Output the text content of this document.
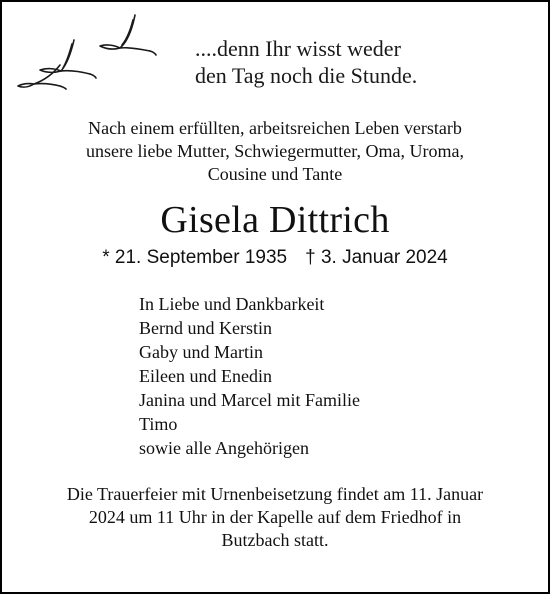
....denn Ihr wisst weder
den Tag noch die Stunde.
Nach einem erfüllten, arbeitsreichen Leben verstarb
unsere liebe Mutter, Schwiegermutter, Oma, Uroma,
Cousine und Tante
Gisela Dittrich
* 21. September 1935 † 3. Januar 2024
In Liebe und Dankbarkeit
Bernd und Kerstin
Gaby und Martin
Eileen und Enedin
Janina und Marcel mit Familie
Timo
sowie alle Angehörigen
Die Trauerfeier mit Urnenbeisetzung findet am 11. Januar
2024 um 11 Uhr in der Kapelle auf dem Friedhof in
Butzbach statt.
